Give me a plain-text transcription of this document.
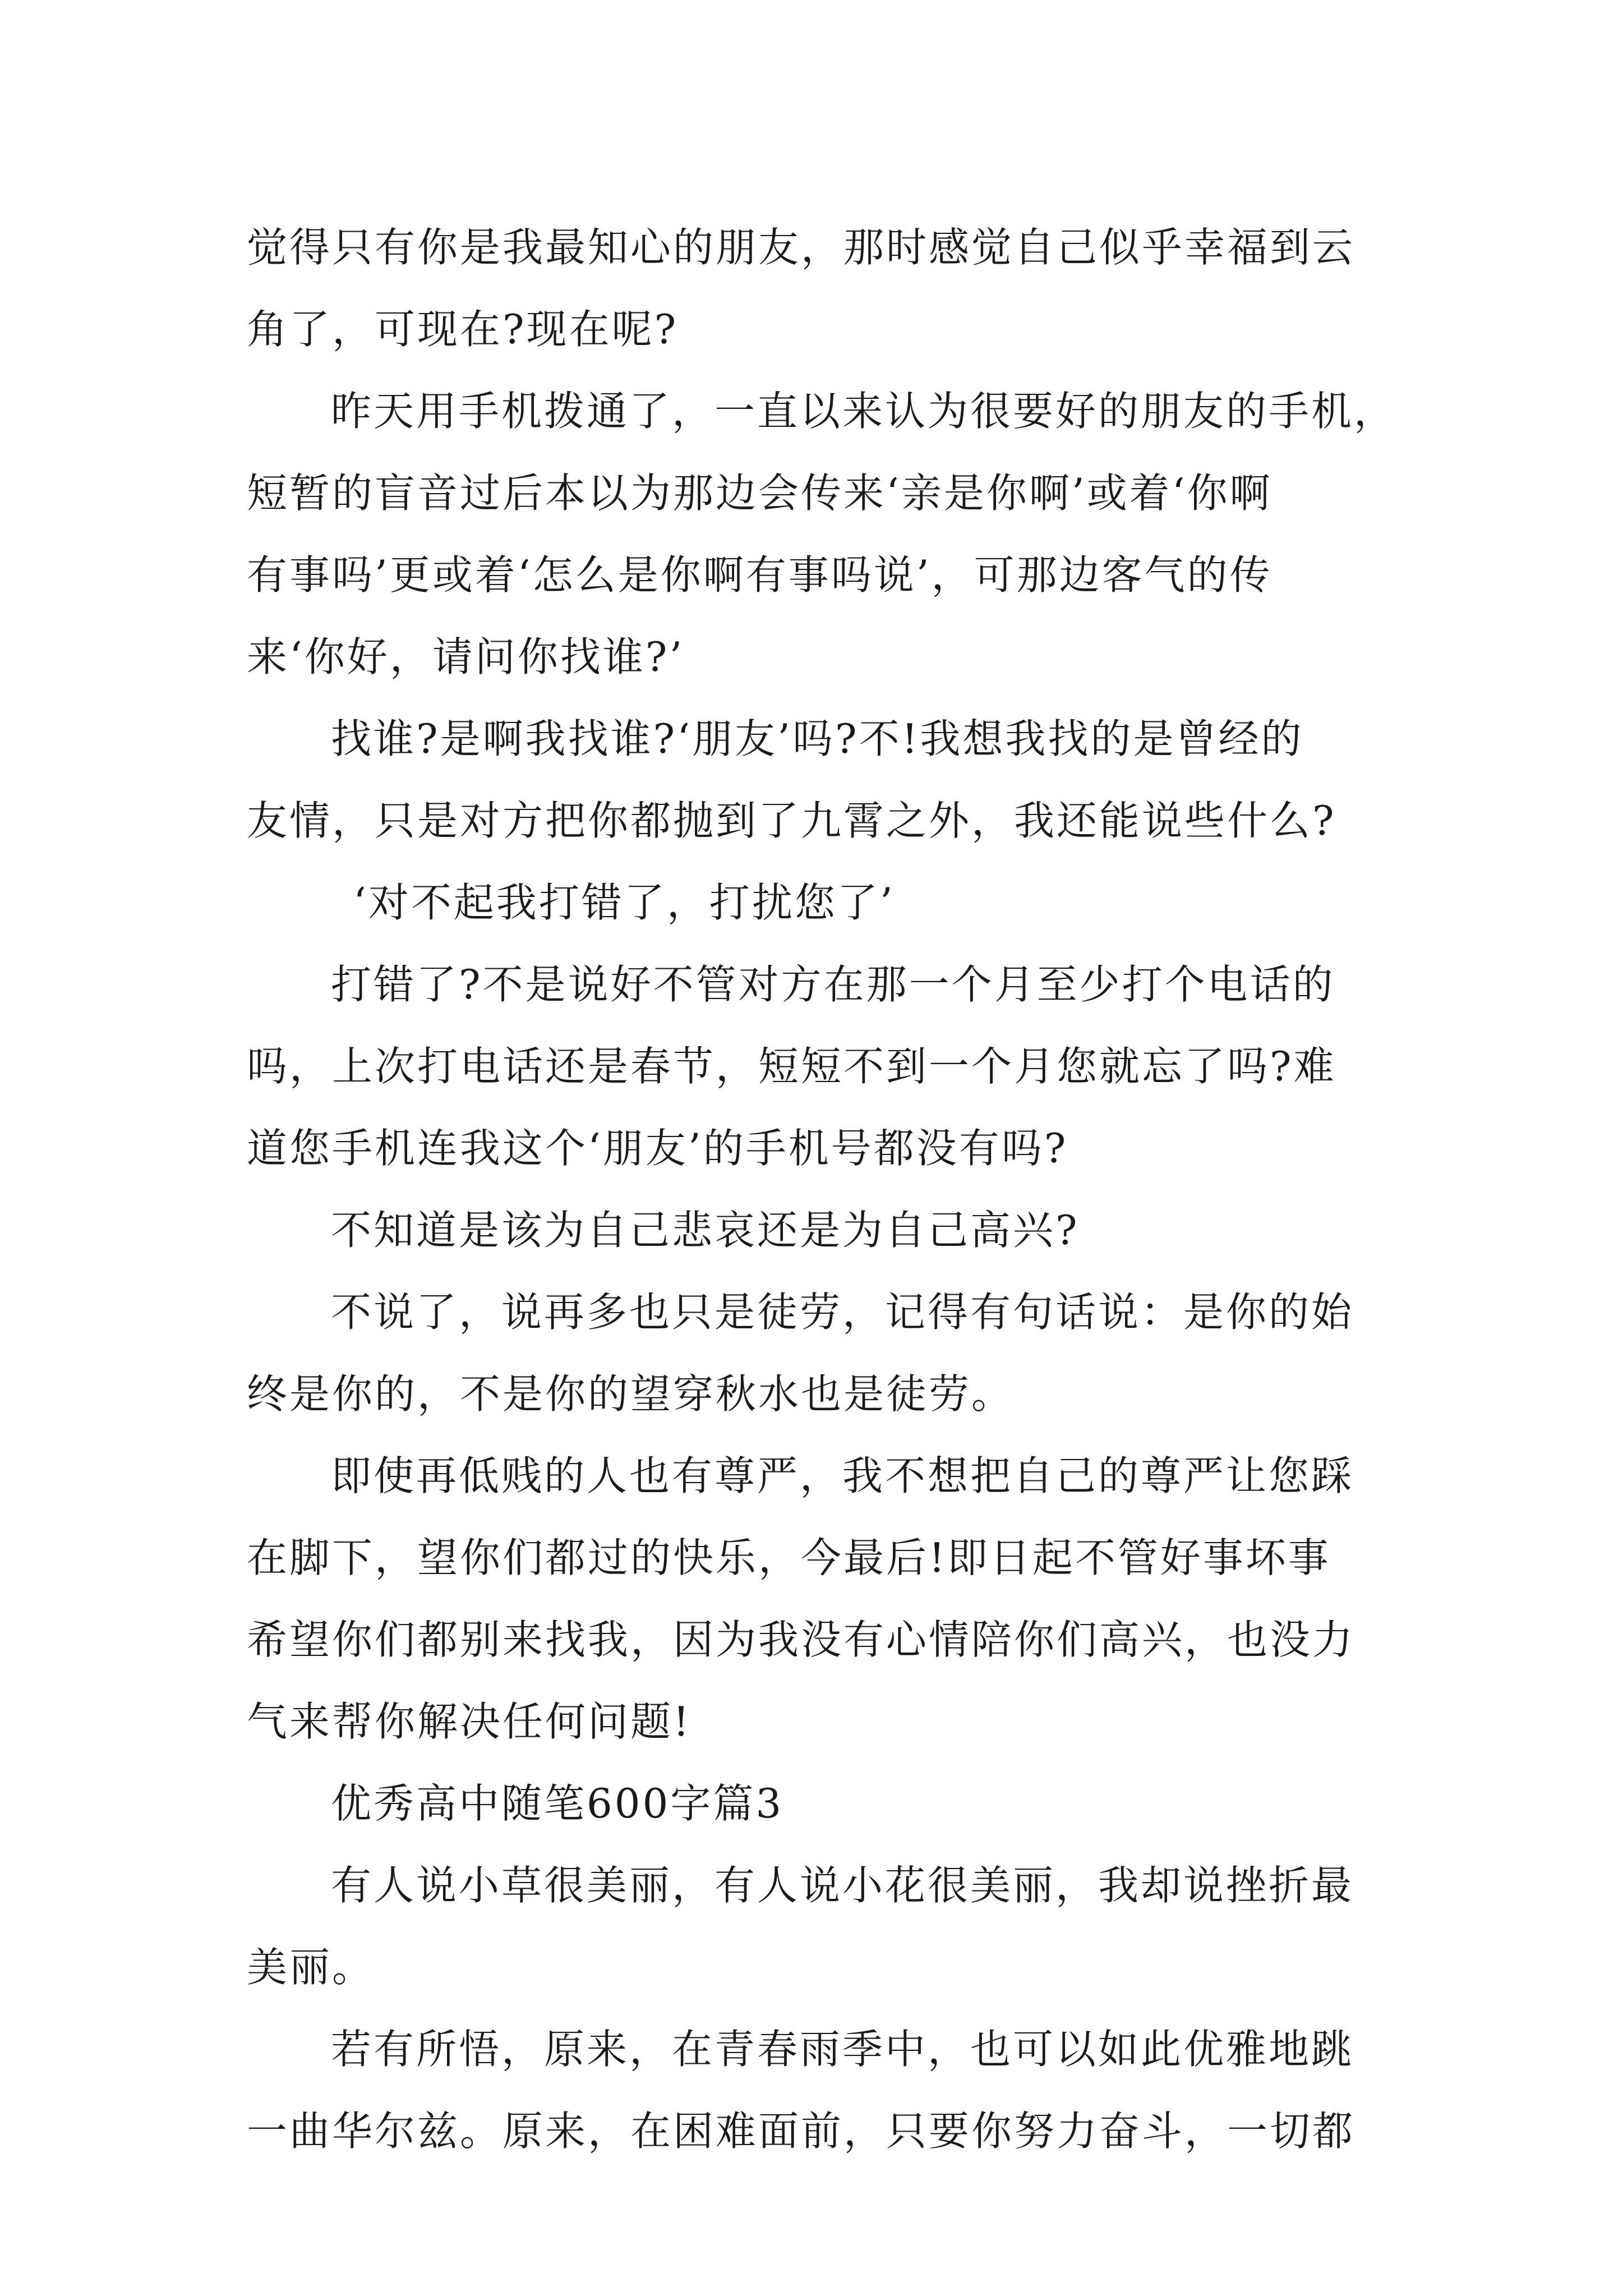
觉得只有你是我最知心的朋友，那时感觉自己似乎幸福到云
角了，可现在?现在呢?
昨天用手机拨通了，一直以来认为很要好的朋友的手机，
短暂的盲音过后本以为那边会传来‘亲是你啊’或着‘你啊
有事吗’更或着‘怎么是你啊有事吗说’，可那边客气的传
来‘你好，请问你找谁?’
找谁?是啊我找谁?‘朋友’吗?不!我想我找的是曾经的
友情，只是对方把你都抛到了九霄之外，我还能说些什么?
‘对不起我打错了，打扰您了’
打错了?不是说好不管对方在那一个月至少打个电话的
吗，上次打电话还是春节，短短不到一个月您就忘了吗?难
道您手机连我这个‘朋友’的手机号都没有吗?
不知道是该为自己悲哀还是为自己高兴?
不说了，说再多也只是徒劳，记得有句话说：是你的始
终是你的，不是你的望穿秋水也是徒劳。
即使再低贱的人也有尊严，我不想把自己的尊严让您踩
在脚下，望你们都过的快乐，今最后!即日起不管好事坏事
希望你们都别来找我，因为我没有心情陪你们高兴，也没力
气来帮你解决任何问题!
优秀高中随笔600字篇3
有人说小草很美丽，有人说小花很美丽，我却说挫折最
美丽。
若有所悟，原来，在青春雨季中，也可以如此优雅地跳
一曲华尔兹。原来，在困难面前，只要你努力奋斗，一切都
